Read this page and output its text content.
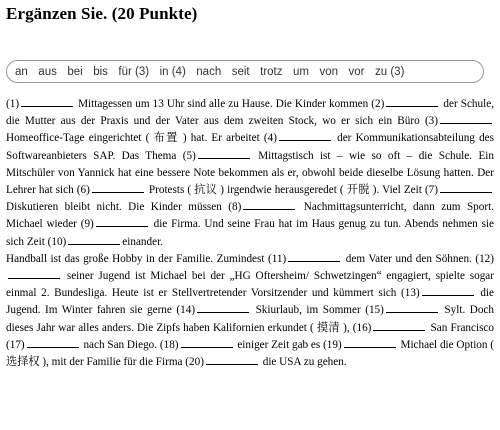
Ergänzen Sie. (20 Punkte)
an aus bei bis für (3) in (4) nach seit trotz um von vor zu (3)
(1)	Mittagessen um 13 Uhr sind alle zu Hause. Die Kinder kommen (2)	der Schule, die Mutter aus der Praxis und der Vater aus dem zweiten Stock, wo er sich ein Büro (3) Homeoffice-Tage eingerichtet ( 布置 ) hat. Er arbeitet (4)	der Kommunikationsabteilung des Softwareanbieters SAP. Das Thema (5)	Mittagstisch ist – wie so oft – die Schule. Ein Mitschüler von Yannick hat eine bessere Note bekommen als er, obwohl beide dieselbe Lösung hatten. Der Lehrer hat sich (6)	Protests ( 抗议 ) irgendwie herausgeredet ( 开脱 ). Viel Zeit (7) Diskutieren bleibt nicht. Die Kinder müssen (8)	Nachmittagsunterricht, dann zum Sport. Michael wieder (9)	die Firma. Und seine Frau hat im Haus genug zu tun. Abends nehmen sie sich Zeit (10)	einander.
Handball ist das große Hobby in der Familie. Zumindest (11)	dem Vater und den Söhnen. (12) seiner Jugend ist Michael bei der „HG Oftersheim/ Schwetzingen“ engagiert, spielte sogar einmal 2. Bundesliga. Heute ist er Stellvertretender Vorsitzender und kümmert sich (13)	die Jugend. Im Winter fahren sie gerne (14)	Skiurlaub, im Sommer (15)	Sylt. Doch dieses Jahr war alles anders. Die Zipfs haben Kalifornien erkundet ( 摸清 ), (16)	San Francisco (17)	nach San Diego. (18)	einiger Zeit gab es (19)	Michael die Option ( 选择权 ), mit der Familie für die Firma (20)	die USA zu gehen.
